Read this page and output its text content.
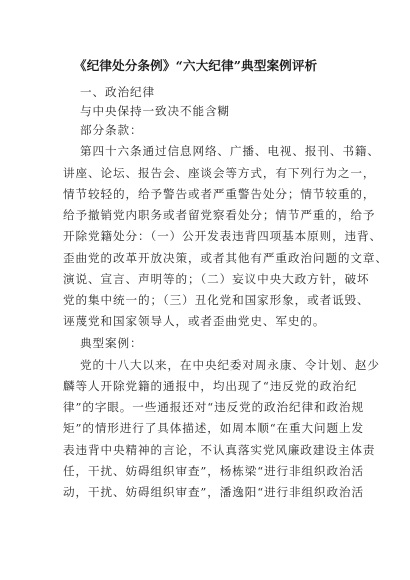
《纪律处分条例》“六大纪律”典型案例评析
一、政治纪律
与中央保持一致决不能含糊
部分条款：
第四十六条通过信息网络、广播、电视、报刊、书籍、
讲座、论坛、报告会、座谈会等方式，有下列行为之一，
情节较轻的，给予警告或者严重警告处分；情节较重的，
给予撤销党内职务或者留党察看处分；情节严重的，给予
开除党籍处分：（一）公开发表违背四项基本原则，违背、
歪曲党的改革开放决策，或者其他有严重政治问题的文章、
演说、宣言、声明等的；（二）妄议中央大政方针，破坏
党的集中统一的；（三）丑化党和国家形象，或者诋毁、
诬蔑党和国家领导人，或者歪曲党史、军史的。
典型案例：
党的十八大以来，在中央纪委对周永康、令计划、赵少
麟等人开除党籍的通报中，均出现了“违反党的政治纪
律”的字眼。一些通报还对“违反党的政治纪律和政治规
矩”的情形进行了具体描述，如周本顺“在重大问题上发
表违背中央精神的言论，不认真落实党风廉政建设主体责
任，干扰、妨碍组织审查”，杨栋梁“进行非组织政治活
动，干扰、妨碍组织审查”，潘逸阳“进行非组织政治活
